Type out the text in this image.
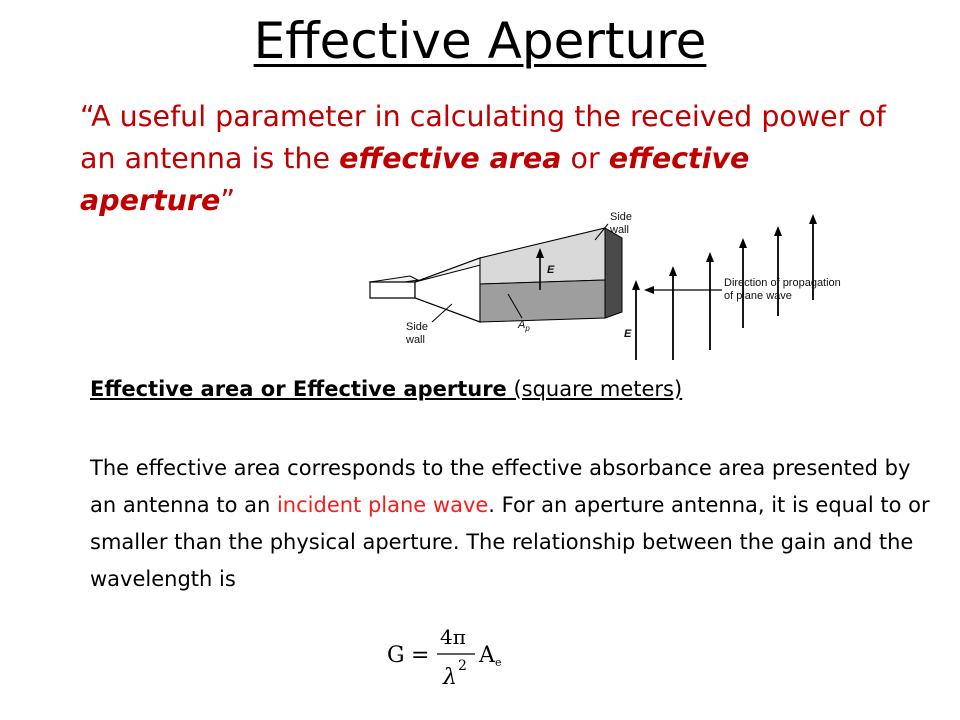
Effective Aperture
“A useful parameter in calculating the received power of an antenna is the effective area or effective aperture”
E
$A_p$
Side wall
Side wall	E
Direction of propagation of plane wave
Effective area or Effective aperture (square meters)
The effective area corresponds to the effective absorbance area presented by an antenna to an incident plane wave. For an aperture antenna, it is equal to or smaller than the physical aperture. The relationship between the gain and the wavelength is
G =
4π
λ 2 A e
